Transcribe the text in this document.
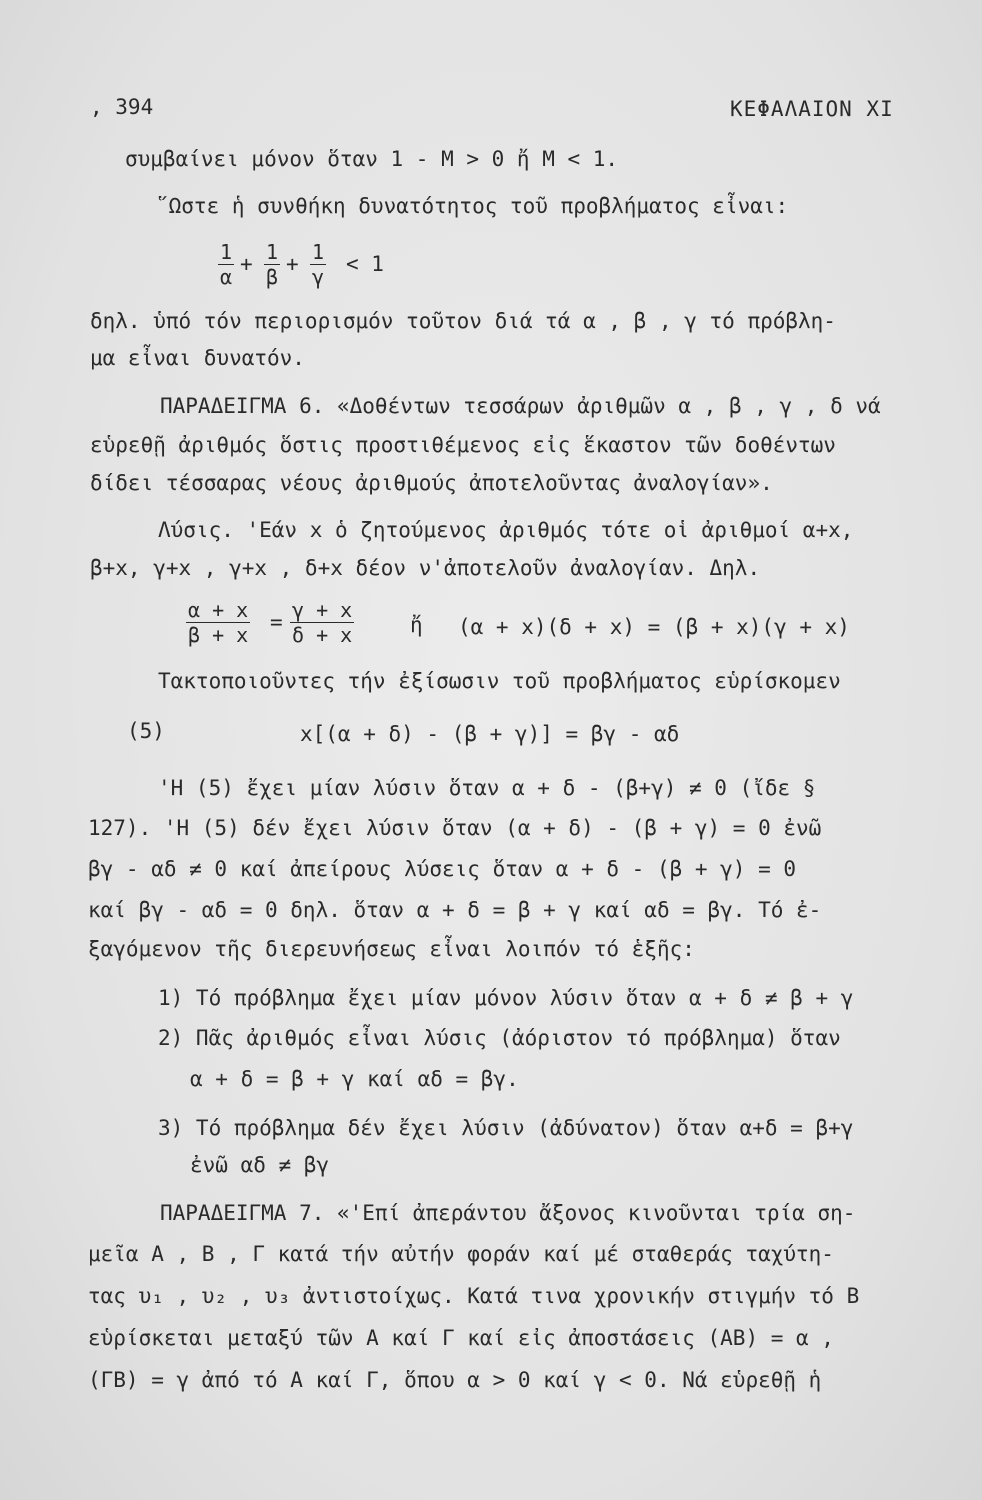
, 394	ΚΕΦΑΛΑΙΟΝ XI
συμβαίνει μόνον ὅταν 1 - M > 0 ἤ M < 1.
῞Ωστε ἡ συνθήκη δυνατότητος τοῦ προβλήματος εἶναι:
$\frac{1}{\alpha} + \frac{1}{\beta} + \frac{1}{\gamma} < 1$
δηλ. ὑπό τόν περιορισμόν τοῦτον διά τά α , β , γ τό πρόβλη-
μα εἶναι δυνατόν.
ΠΑΡΑΔΕΙΓΜΑ 6. «Δοθέντων τεσσάρων ἀριθμῶν α , β , γ , δ νά
εὑρεθῇ ἀριθμός ὅστις προστιθέμενος εἰς ἕκαστον τῶν δοθέντων
δίδει τέσσαρας νέους ἀριθμούς ἀποτελοῦντας ἀναλογίαν».
Λύσις. 'Εάν x ὁ ζητούμενος ἀριθμός τότε οἱ ἀριθμοί α+x,
β+x, γ+x , γ+x , δ+x δέον ν'ἀποτελοῦν ἀναλογίαν. Δηλ.
$\frac{\alpha + x}{\beta + x} = \frac{\gamma + x}{\delta + x}$	ἤ (α + x)(δ + x) = (β + x)(γ + x)
Τακτοποιοῦντες τήν ἐξίσωσιν τοῦ προβλήματος εὑρίσκομεν
(5)	x[(α + δ) - (β + γ)] = βγ - αδ
'Η (5) ἔχει μίαν λύσιν ὅταν α + δ - (β+γ) ≠ 0 (ἴδε §
127). 'Η (5) δέν ἔχει λύσιν ὅταν (α + δ) - (β + γ) = 0 ἐνῶ
βγ - αδ ≠ 0 καί ἀπείρους λύσεις ὅταν α + δ - (β + γ) = 0
καί βγ - αδ = 0 δηλ. ὅταν α + δ = β + γ καί αδ = βγ. Τό ἐ-
ξαγόμενον τῆς διερευνήσεως εἶναι λοιπόν τό ἑξῆς:
1) Τό πρόβλημα ἔχει μίαν μόνον λύσιν ὅταν α + δ ≠ β + γ
2) Πᾶς ἀριθμός εἶναι λύσις (ἀόριστον τό πρόβλημα) ὅταν
α + δ = β + γ καί αδ = βγ.
3) Τό πρόβλημα δέν ἔχει λύσιν (ἀδύνατον) ὅταν α+δ = β+γ
ἐνῶ αδ ≠ βγ
ΠΑΡΑΔΕΙΓΜΑ 7. «'Επί ἀπεράντου ἄξονος κινοῦνται τρία ση-
μεῖα Α , Β , Γ κατά τήν αὐτήν φοράν καί μέ σταθεράς ταχύτη-
τας υ₁ , υ₂ , υ₃ ἀντιστοίχως. Κατά τινα χρονικήν στιγμήν τό Β
εὑρίσκεται μεταξύ τῶν Α καί Γ καί εἰς ἀποστάσεις (ΑΒ) = α ,
(ΓΒ) = γ ἀπό τό Α καί Γ, ὅπου α > 0 καί γ < 0. Νά εὑρεθῇ ἡ
